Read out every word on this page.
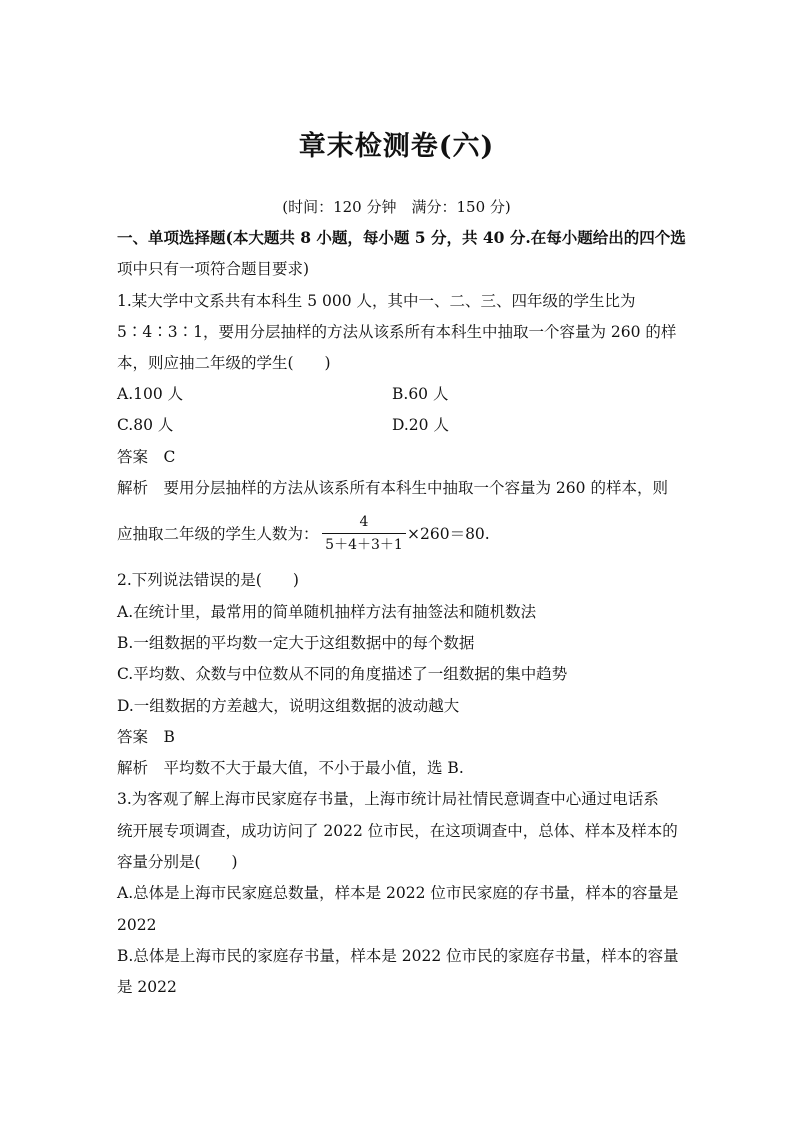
章末检测卷(六)
(时间：120 分钟　满分：150 分)
一、单项选择题(本大题共 8 小题，每小题 5 分，共 40 分.在每小题给出的四个选
项中只有一项符合题目要求)
1.某大学中文系共有本科生 5 000 人，其中一、二、三、四年级的学生比为
5∶4∶3∶1，要用分层抽样的方法从该系所有本科生中抽取一个容量为 260 的样
本，则应抽二年级的学生(　　)
A.100 人	B.60 人
C.80 人	D.20 人
答案　C
解析　要用分层抽样的方法从该系所有本科生中抽取一个容量为 260 的样本，则
应抽取二年级的学生人数为：
4
5＋4＋3＋1
×260＝80.
2.下列说法错误的是(　　)
A.在统计里，最常用的简单随机抽样方法有抽签法和随机数法
B.一组数据的平均数一定大于这组数据中的每个数据
C.平均数、众数与中位数从不同的角度描述了一组数据的集中趋势
D.一组数据的方差越大，说明这组数据的波动越大
答案　B
解析　平均数不大于最大值，不小于最小值，选 B.
3.为客观了解上海市民家庭存书量，上海市统计局社情民意调查中心通过电话系
统开展专项调查，成功访问了 2022 位市民，在这项调查中，总体、样本及样本的
容量分别是(　　)
A.总体是上海市民家庭总数量，样本是 2022 位市民家庭的存书量，样本的容量是
2022
B.总体是上海市民的家庭存书量，样本是 2022 位市民的家庭存书量，样本的容量
是 2022
